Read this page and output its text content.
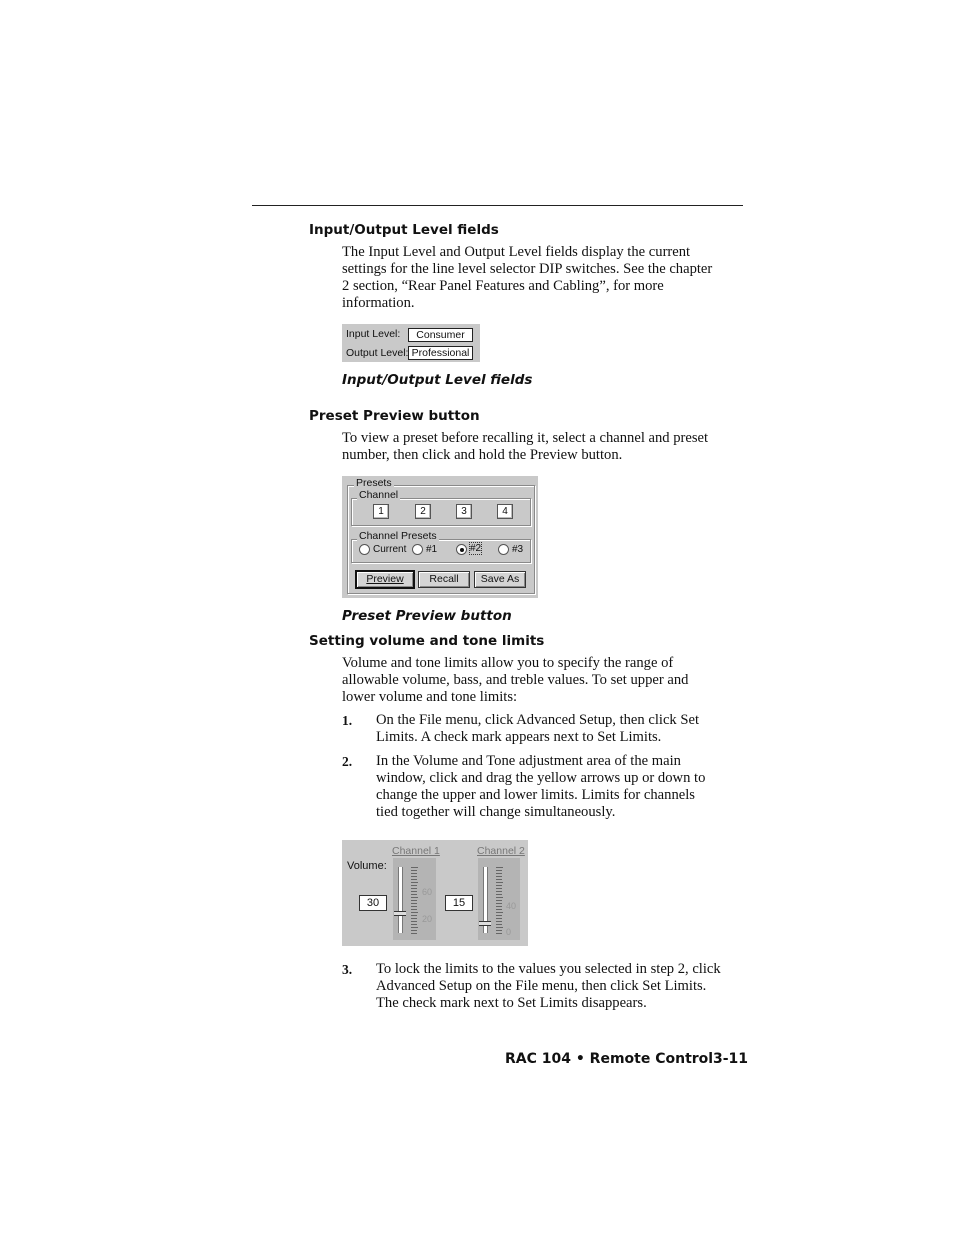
Input/Output Level fields
The Input Level and Output Level fields display the current
settings for the line level selector DIP switches. See the chapter
2 section, “Rear Panel Features and Cabling”, for more
information.
Input Level:	Consumer
Output Level: Professional
Input/Output Level fields
Preset Preview button
To view a preset before recalling it, select a channel and preset
number, then click and hold the Preview button.
Presets
Channel
1	2	3	4
Channel Presets
Current #1	#2	#3
Preview	Recall	Save As
Preset Preview button
Setting volume and tone limits
Volume and tone limits allow you to specify the range of
allowable volume, bass, and treble values. To set upper and
lower volume and tone limits:
1. On the File menu, click Advanced Setup, then click Set
Limits. A check mark appears next to Set Limits.
2. In the Volume and Tone adjustment area of the main
window, click and drag the yellow arrows up or down to
change the upper and lower limits. Limits for channels
tied together will change simultaneously.
Volume:
Channel 1
30
60
20
Channel 2
15	40
0
3. To lock the limits to the values you selected in step 2, click
Advanced Setup on the File menu, then click Set Limits.
The check mark next to Set Limits disappears.
RAC 104 • Remote Control 3-11
